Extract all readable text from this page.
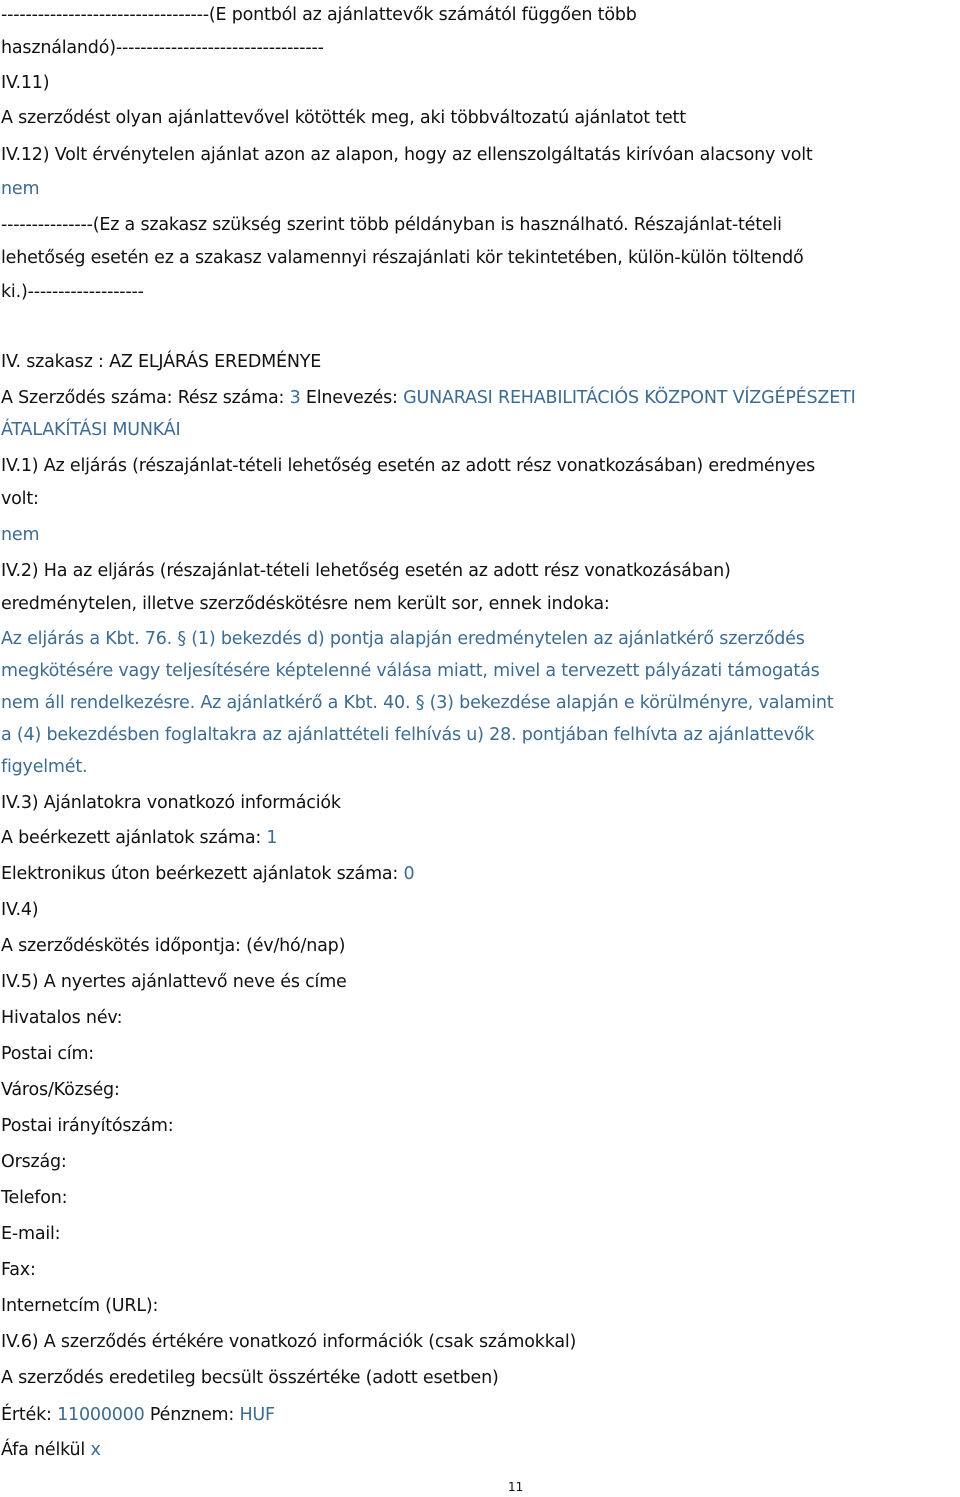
----------------------------------(E pontból az ajánlattevők számától függően több
használandó)----------------------------------
IV.11)
A szerződést olyan ajánlattevővel kötötték meg, aki többváltozatú ajánlatot tett
IV.12) Volt érvénytelen ajánlat azon az alapon, hogy az ellenszolgáltatás kirívóan alacsony volt
nem
---------------(Ez a szakasz szükség szerint több példányban is használható. Részajánlat-tételi
lehetőség esetén ez a szakasz valamennyi részajánlati kör tekintetében, külön-külön töltendő
ki.)-------------------
IV. szakasz : AZ ELJÁRÁS EREDMÉNYE
A Szerződés száma: Rész száma: 3 Elnevezés: GUNARASI REHABILITÁCIÓS KÖZPONT VÍZGÉPÉSZETI
ÁTALAKÍTÁSI MUNKÁI
IV.1) Az eljárás (részajánlat-tételi lehetőség esetén az adott rész vonatkozásában) eredményes
volt:
nem
IV.2) Ha az eljárás (részajánlat-tételi lehetőség esetén az adott rész vonatkozásában)
eredménytelen, illetve szerződéskötésre nem került sor, ennek indoka:
Az eljárás a Kbt. 76. § (1) bekezdés d) pontja alapján eredménytelen az ajánlatkérő szerződés
megkötésére vagy teljesítésére képtelenné válása miatt, mivel a tervezett pályázati támogatás
nem áll rendelkezésre. Az ajánlatkérő a Kbt. 40. § (3) bekezdése alapján e körülményre, valamint
a (4) bekezdésben foglaltakra az ajánlattételi felhívás u) 28. pontjában felhívta az ajánlattevők
figyelmét.
IV.3) Ajánlatokra vonatkozó információk
A beérkezett ajánlatok száma: 1
Elektronikus úton beérkezett ajánlatok száma: 0
IV.4)
A szerződéskötés időpontja: (év/hó/nap)
IV.5) A nyertes ajánlattevő neve és címe
Hivatalos név:
Postai cím:
Város/Község:
Postai irányítószám:
Ország:
Telefon:
E-mail:
Fax:
Internetcím (URL):
IV.6) A szerződés értékére vonatkozó információk (csak számokkal)
A szerződés eredetileg becsült összértéke (adott esetben)
Érték: 11000000 Pénznem: HUF
Áfa nélkül x
11
